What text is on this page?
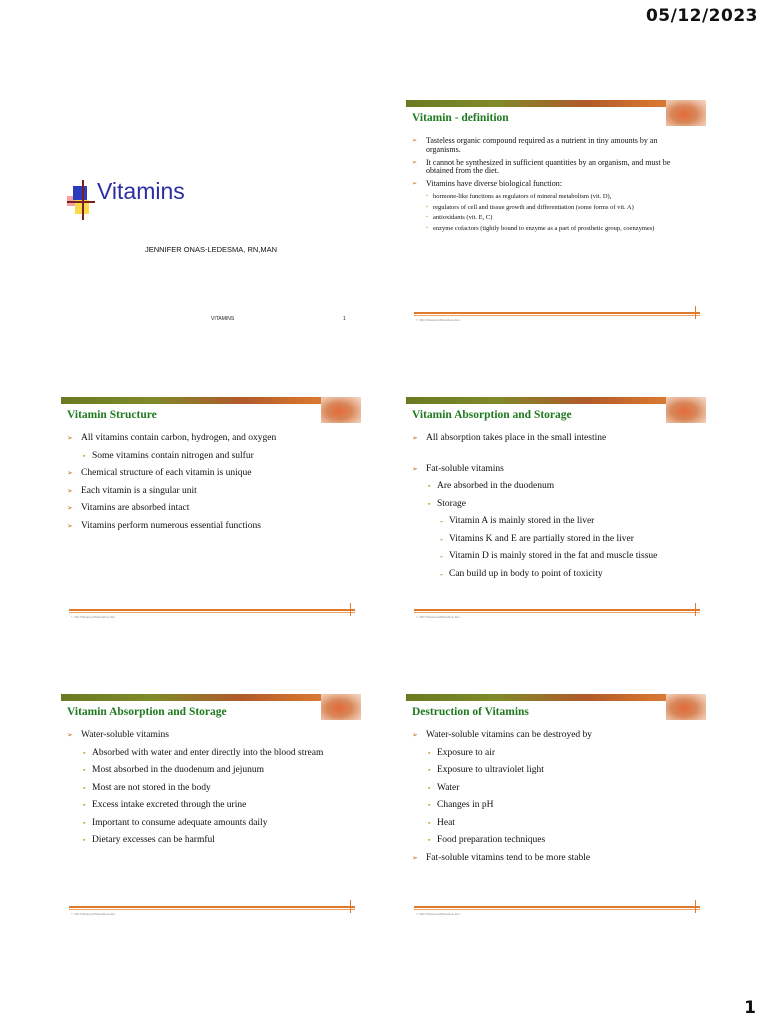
05/12/2023
Vitamins
JENNIFER ONAS-LEDESMA, RN,MAN
VITAMINS	1
Vitamin - definition
➢ Tasteless organic compound required as a nutrient in tiny amounts by an organisms.
➢ It cannot be synthesized in sufficient quantities by an organism, and must be obtained from the diet.
➢ Vitamins have diverse biological function:
▪ hormone-like functions as regulators of mineral metabolism (vit. D),
▪ regulators of cell and tissue growth and differentiation (some forms of vit. A)
▪ antioxidants (vit. E, C)
▪ enzyme cofactors (tightly bound to enzyme as a part of prosthetic group, coenzymes)
© 2013 Pearson Education, Inc.
Vitamin Structure
➢ All vitamins contain carbon, hydrogen, and oxygen
▪ Some vitamins contain nitrogen and sulfur
➢ Chemical structure of each vitamin is unique
➢ Each vitamin is a singular unit
➢ Vitamins are absorbed intact
➢ Vitamins perform numerous essential functions
© 2013 Pearson Education, Inc.
Vitamin Absorption and Storage
➢ All absorption takes place in the small intestine
➢ Fat-soluble vitamins
▪ Are absorbed in the duodenum
▪ Storage
- Vitamin A is mainly stored in the liver
- Vitamins K and E are partially stored in the liver
- Vitamin D is mainly stored in the fat and muscle tissue
- Can build up in body to point of toxicity
© 2013 Pearson Education, Inc.
Vitamin Absorption and Storage
➢ Water-soluble vitamins
▪ Absorbed with water and enter directly into the blood stream
▪ Most absorbed in the duodenum and jejunum
▪ Most are not stored in the body
▪ Excess intake excreted through the urine
▪ Important to consume adequate amounts daily
▪ Dietary excesses can be harmful
© 2013 Pearson Education, Inc.
Destruction of Vitamins
➢ Water-soluble vitamins can be destroyed by
▪ Exposure to air
▪ Exposure to ultraviolet light
▪ Water
▪ Changes in pH
▪ Heat
▪ Food preparation techniques
➢ Fat-soluble vitamins tend to be more stable
© 2013 Pearson Education, Inc.
1
